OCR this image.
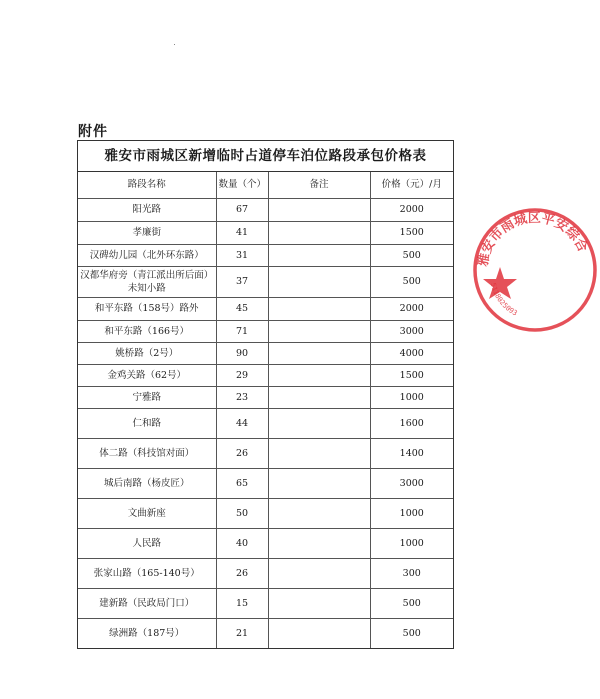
附件
雅安市雨城区新增临时占道停车泊位路段承包价格表
路段名称	数量（个）	备注	价格（元）/月
阳光路	67		2000
孝廉街	41		1500
汉碑幼儿园（北外环东路）	31		500
汉都华府旁（青江派出所后面）未知小路	37		500
和平东路（158号）路外	45		2000
和平东路（166号）	71		3000
姚桥路（2号）	90		4000
金鸡关路（62号）	29		1500
宁雅路	23		1000
仁和路	44		1600
体二路（科技馆对面）	26		1400
城后南路（杨皮匠）	65		3000
文曲新座	50		1000
人民路	40		1000
张家山路（165-140号）	26		300
建新路（民政局门口）	15		500
绿洲路（187号）	21		500
雅安市雨城区平安综合
5118025093
